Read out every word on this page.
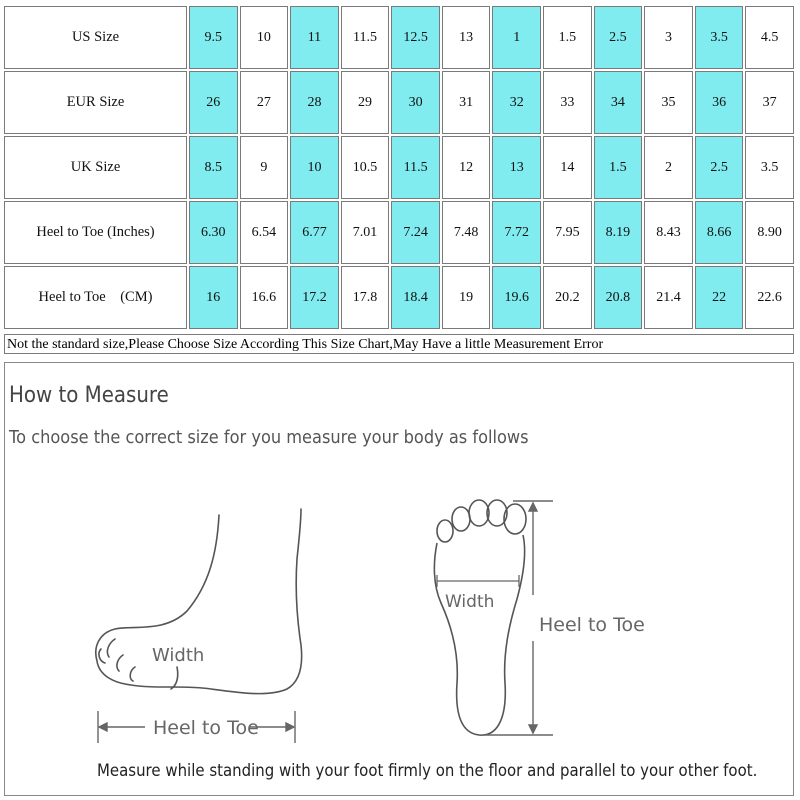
US Size	9.5	10	11	11.5	12.5	13	1	1.5	2.5	3	3.5	4.5
EUR Size	26	27	28	29	30	31	32	33	34	35	36	37
UK Size	8.5	9	10	10.5	11.5	12	13	14	1.5	2	2.5	3.5
Heel to Toe (Inches)	6.30	6.54	6.77	7.01	7.24	7.48	7.72	7.95	8.19	8.43	8.66	8.90
Heel to Toe    (CM)	16	16.6	17.2	17.8	18.4	19	19.6	20.2	20.8	21.4	22	22.6
Not the standard size,Please Choose Size According This Size Chart,May Have a little Measurement Error
How to Measure
To choose the correct size for you measure your body as follows
Width
Heel to Toe
Width
Heel to Toe
Measure while standing with your foot firmly on the floor and parallel to your other foot.
